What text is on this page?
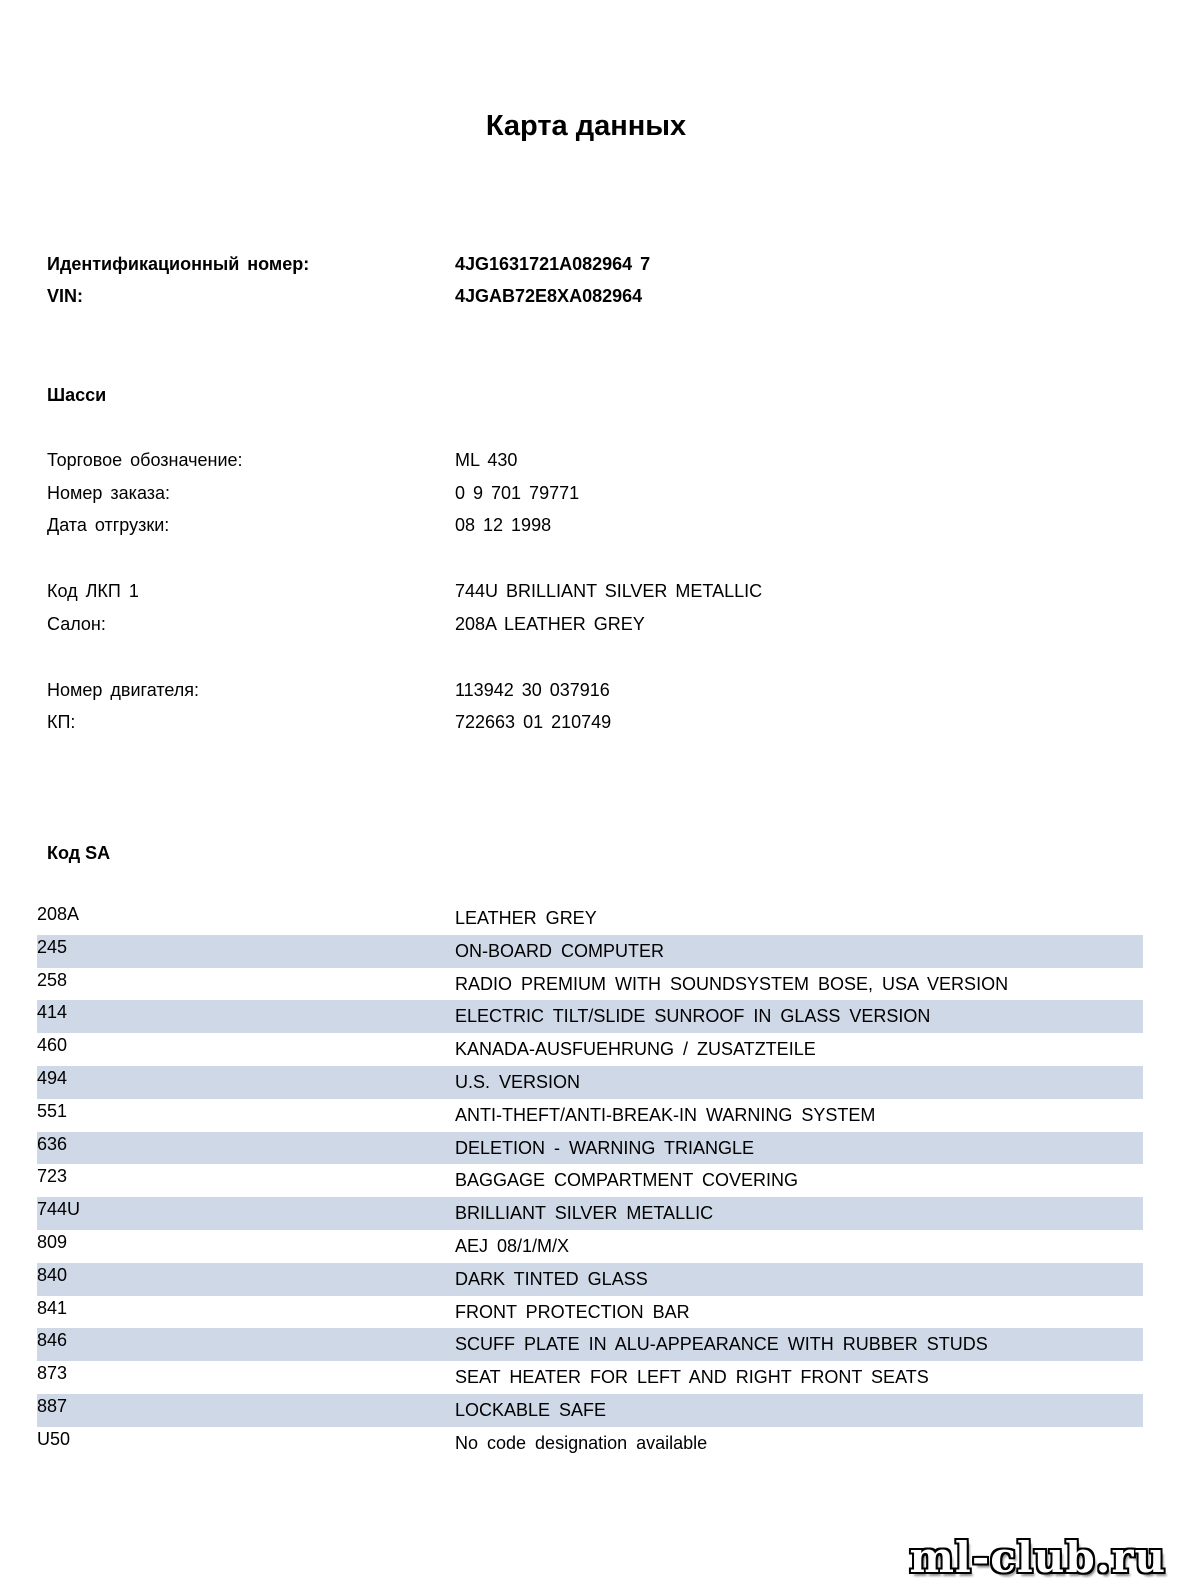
Карта данных
Идентификационный номер:	4JG1631721A082964 7
VIN:	4JGAB72E8XA082964
Шасси
Торговое обозначение:	ML 430
Номер заказа:	0 9 701 79771
Дата отгрузки:	08 12 1998
Код ЛКП 1	744U BRILLIANT SILVER METALLIC
Салон:	208A LEATHER GREY
Номер двигателя:	113942 30 037916
КП:	722663 01 210749
Код SA
208A	LEATHER GREY
245	ON-BOARD COMPUTER
258	RADIO PREMIUM WITH SOUNDSYSTEM BOSE, USA VERSION
414	ELECTRIC TILT/SLIDE SUNROOF IN GLASS VERSION
460	KANADA-AUSFUEHRUNG / ZUSATZTEILE
494	U.S. VERSION
551	ANTI-THEFT/ANTI-BREAK-IN WARNING SYSTEM
636	DELETION - WARNING TRIANGLE
723	BAGGAGE COMPARTMENT COVERING
744U	BRILLIANT SILVER METALLIC
809	AEJ 08/1/M/X
840	DARK TINTED GLASS
841	FRONT PROTECTION BAR
846	SCUFF PLATE IN ALU-APPEARANCE WITH RUBBER STUDS
873	SEAT HEATER FOR LEFT AND RIGHT FRONT SEATS
887	LOCKABLE SAFE
U50	No code designation available
ml-club.ru
